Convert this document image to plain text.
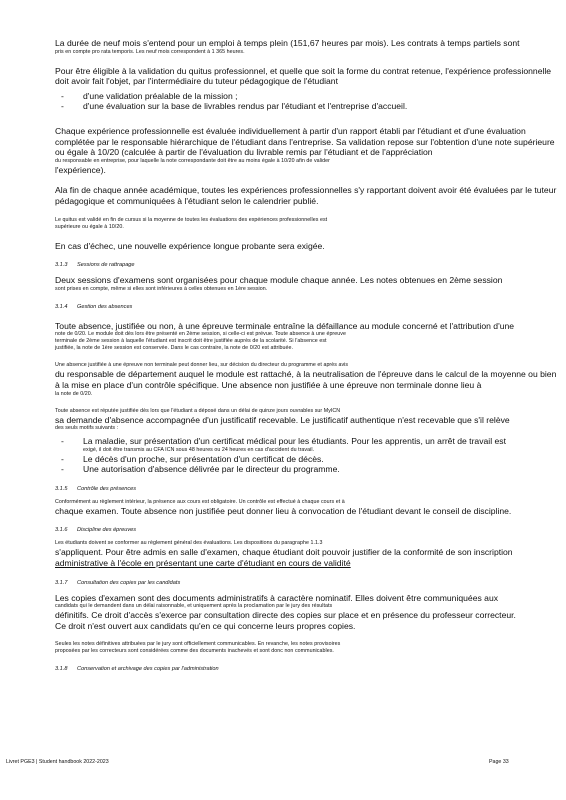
La durée de neuf mois s'entend pour un emploi à temps plein (151,67 heures par mois). Les contrats à temps partiels sont

pris en compte pro rata temporis. Les neuf mois correspondent à 1 365 heures.

Pour être éligible à la validation du quitus professionnel, et quelle que soit la forme du contrat retenue, l'expérience professionnelle doit avoir fait l'objet, par l'intermédiaire du tuteur pédagogique de l'étudiant

- d'une validation préalable de la mission ;
- d'une évaluation sur la base de livrables rendus par l'étudiant et l'entreprise d'accueil.

Chaque expérience professionnelle est évaluée individuellement à partir d'un rapport établi par l'étudiant et d'une évaluation complétée par le responsable hiérarchique de l'étudiant dans l'entreprise. Sa validation repose sur l'obtention d'une note supérieure ou égale à 10/20 (calculée à partir de l'évaluation du livrable remis par l'étudiant et de l'appréciation

du responsable en entreprise, pour laquelle la note correspondante doit être au moins égale à 10/20 afin de valider

l'expérience).

Ala fin de chaque année académique, toutes les expériences professionnelles s'y rapportant doivent avoir été évaluées par le tuteur pédagogique et communiquées à l'étudiant selon le calendrier publié.

Le quitus est validé en fin de cursus si la moyenne de toutes les évaluations des expériences professionnelles est

supérieure ou égale à 10/20.

En cas d'échec, une nouvelle expérience longue probante sera exigée.

3.1.3 Sessions de rattrapage

Deux sessions d'examens sont organisées pour chaque module chaque année. Les notes obtenues en 2ème session

sont prises en compte, même si elles sont inférieures à celles obtenues en 1ère session.

3.1.4 Gestion des absences

Toute absence, justifiée ou non, à une épreuve terminale entraîne la défaillance au module concerné et l'attribution d'une

note de 0/20. Le module doit dès lors être présenté en 2ème session, si celle-ci est prévue. Toute absence à une épreuve

terminale de 2ème session à laquelle l'étudiant est inscrit doit être justifiée auprès de la scolarité. Si l'absence est

justifiée, la note de 1ère session est conservée. Dans le cas contraire, la note de 0/20 est attribuée.

Une absence justifiée à une épreuve non terminale peut donner lieu, sur décision du directeur du programme et après avis

du responsable de département auquel le module est rattaché, à la neutralisation de l'épreuve dans le calcul de la moyenne ou bien à la mise en place d'un contrôle spécifique. Une absence non justifiée à une épreuve non terminale donne lieu à

la note de 0/20.

Toute absence est réputée justifiée dès lors que l'étudiant a déposé dans un délai de quinze jours ouvrables sur MyICN

sa demande d'absence accompagnée d'un justificatif recevable. Le justificatif authentique n'est recevable que s'il relève

des seuls motifs suivants :

- La maladie, sur présentation d'un certificat médical pour les étudiants. Pour les apprentis, un arrêt de travail est
exigé, il doit être transmis au CFA ICN sous 48 heures ou 24 heures en cas d'accident du travail.
- Le décès d'un proche, sur présentation d'un certificat de décès.
- Une autorisation d'absence délivrée par le directeur du programme.

3.1.5 Contrôle des présences

Conformément au règlement intérieur, la présence aux cours est obligatoire. Un contrôle est effectué à chaque cours et à

chaque examen. Toute absence non justifiée peut donner lieu à convocation de l'étudiant devant le conseil de discipline.

3.1.6 Discipline des épreuves

Les étudiants doivent se conformer au règlement général des évaluations. Les dispositions du paragraphe 1.1.3

s'appliquent. Pour être admis en salle d'examen, chaque étudiant doit pouvoir justifier de la conformité de son inscription

administrative à l'école en présentant une carte d'étudiant en cours de validité

3.1.7 Consultation des copies par les candidats

Les copies d'examen sont des documents administratifs à caractère nominatif. Elles doivent être communiquées aux

candidats qui le demandent dans un délai raisonnable, et uniquement après la proclamation par le jury des résultats

définitifs. Ce droit d'accès s'exerce par consultation directe des copies sur place et en présence du professeur correcteur.

Ce droit n'est ouvert aux candidats qu'en ce qui concerne leurs propres copies.

Seules les notes définitives attribuées par le jury sont officiellement communicables. En revanche, les notes provisoires

proposées par les correcteurs sont considérées comme des documents inachevés et sont donc non communicables.

3.1.8 Conservation et archivage des copies par l'administration

Livret PGE3 | Student handbook 2022-2023	Page 33
